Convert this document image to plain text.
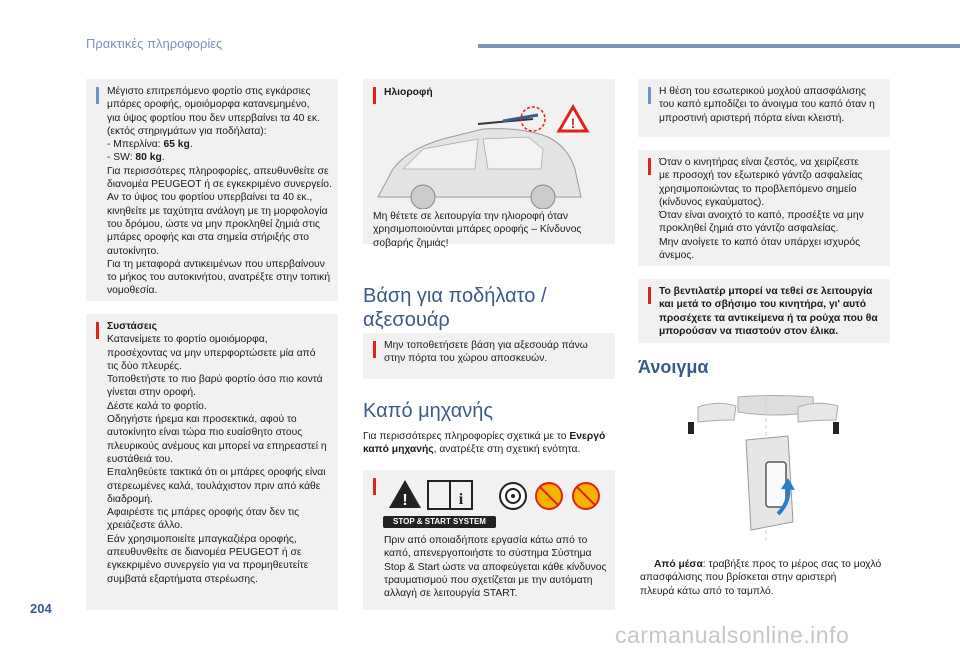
Πρακτικές πληροφορίες
Μέγιστο επιτρεπόμενο φορτίο στις εγκάρσιες
μπάρες οροφής, ομοιόμορφα κατανεμημένο,
για ύψος φορτίου που δεν υπερβαίνει τα 40 εκ.
(εκτός στηριγμάτων για ποδήλατα):
- Μπερλίνα: 65 kg.
- SW: 80 kg.
Για περισσότερες πληροφορίες, απευθυνθείτε σε
διανομέα PEUGEOT ή σε εγκεκριμένο συνεργείο.
Αν το ύψος του φορτίου υπερβαίνει τα 40 εκ.,
κινηθείτε με ταχύτητα ανάλογη με τη μορφολογία
του δρόμου, ώστε να μην προκληθεί ζημιά στις
μπάρες οροφής και στα σημεία στήριξής στο
αυτοκίνητο.
Για τη μεταφορά αντικειμένων που υπερβαίνουν
το μήκος του αυτοκινήτου, ανατρέξτε στην τοπική
νομοθεσία.
Συστάσεις
Κατανείμετε το φορτίο ομοιόμορφα,
προσέχοντας να μην υπερφορτώσετε μία από
τις δύο πλευρές.
Τοποθετήστε το πιο βαρύ φορτίο όσο πιο κοντά
γίνεται στην οροφή.
Δέστε καλά το φορτίο.
Οδηγήστε ήρεμα και προσεκτικά, αφού το
αυτοκίνητο είναι τώρα πιο ευαίσθητο στους
πλευρικούς ανέμους και μπορεί να επηρεαστεί η
ευστάθειά του.
Επαληθεύετε τακτικά ότι οι μπάρες οροφής είναι
στερεωμένες καλά, τουλάχιστον πριν από κάθε
διαδρομή.
Αφαιρέστε τις μπάρες οροφής όταν δεν τις
χρειάζεστε άλλο.
Εάν χρησιμοποιείτε μπαγκαζιέρα οροφής,
απευθυνθείτε σε διανομέα PEUGEOT ή σε
εγκεκριμένο συνεργείο για να προμηθευτείτε
συμβατά εξαρτήματα στερέωσης.
Ηλιοροφή
!
Μη θέτετε σε λειτουργία την ηλιοροφή όταν
χρησιμοποιούνται μπάρες οροφής – Κίνδυνος
σοβαρής ζημιάς!
Βάση για ποδήλατο /
αξεσουάρ
Μην τοποθετήσετε βάση για αξεσουάρ πάνω
στην πόρτα του χώρου αποσκευών.
Καπό μηχανής
Για περισσότερες πληροφορίες σχετικά με το Ενεργό
καπό μηχανής, ανατρέξτε στη σχετική ενότητα.
!	i
STOP & START SYSTEM
Πριν από οποιαδήποτε εργασία κάτω από το
καπό, απενεργοποιήστε το σύστημα Σύστημα
Stop & Start ώστε να αποφεύγεται κάθε κίνδυνος
τραυματισμού που σχετίζεται με την αυτόματη
αλλαγή σε λειτουργία START.
Η θέση του εσωτερικού μοχλού απασφάλισης
του καπό εμποδίζει το άνοιγμα του καπό όταν η
μπροστινή αριστερή πόρτα είναι κλειστή.
Όταν ο κινητήρας είναι ζεστός, να χειρίζεστε
με προσοχή τον εξωτερικό γάντζο ασφαλείας
χρησιμοποιώντας το προβλεπόμενο σημείο
(κίνδυνος εγκαύματος).
Όταν είναι ανοιχτό το καπό, προσέξτε να μην
προκληθεί ζημιά στο γάντζο ασφαλείας.
Μην ανοίγετε το καπό όταν υπάρχει ισχυρός
άνεμος.
Το βεντιλατέρ μπορεί να τεθεί σε λειτουργία
και μετά το σβήσιμο του κινητήρα, γι' αυτό
προσέχετε τα αντικείμενα ή τα ρούχα που θα
μπορούσαν να πιαστούν στον έλικα.
Άνοιγμα
Από μέσα: τραβήξτε προς το μέρος σας το μοχλό
απασφάλισης που βρίσκεται στην αριστερή
πλευρά κάτω από το ταμπλό.
204
carmanualsonline.info
